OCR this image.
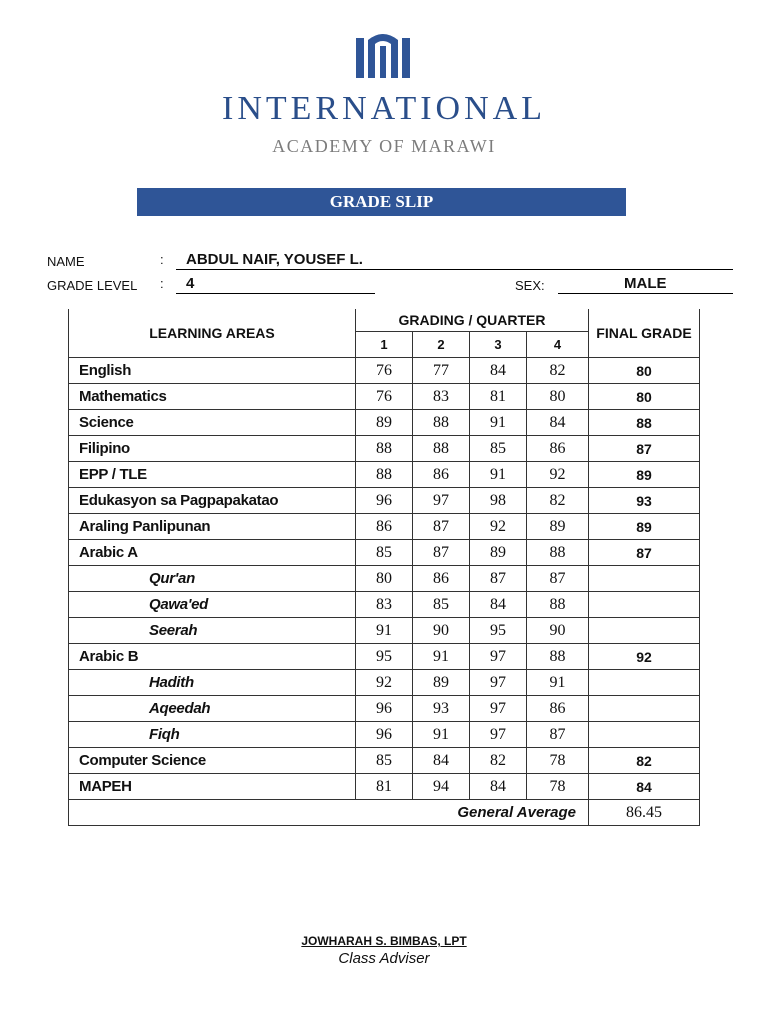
INTERNATIONAL
ACADEMY OF MARAWI
GRADE SLIP
NAME	: ABDUL NAIF, YOUSEF L.
GRADE LEVEL : 4	SEX:	MALE
LEARNING AREAS	GRADING / QUARTER				FINAL GRADE
	1	2	3	4	
English	76	77	84	82	80
Mathematics	76	83	81	80	80
Science	89	88	91	84	88
Filipino	88	88	85	86	87
EPP / TLE	88	86	91	92	89
Edukasyon sa Pagpapakatao	96	97	98	82	93
Araling Panlipunan	86	87	92	89	89
Arabic A	85	87	89	88	87
Qur'an	80	86	87	87	
Qawa'ed	83	85	84	88	
Seerah	91	90	95	90	
Arabic B	95	91	97	88	92
Hadith	92	89	97	91	
Aqeedah	96	93	97	86	
Fiqh	96	91	97	87	
Computer Science	85	84	82	78	82
MAPEH	81	94	84	78	84
General Average					86.45
JOWHARAH S. BIMBAS, LPT
Class Adviser
